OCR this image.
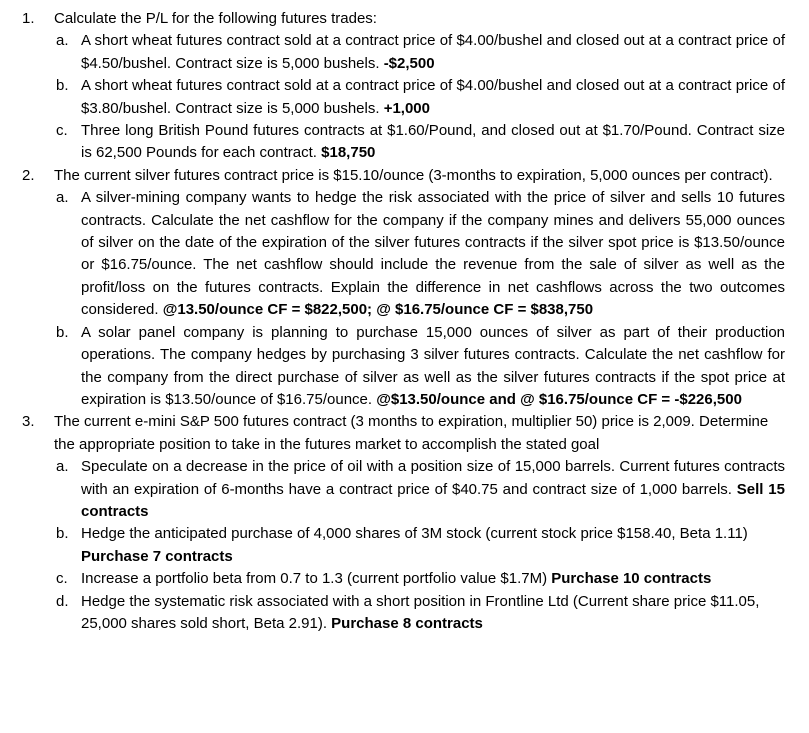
1.	Calculate the P/L for the following futures trades:
a. A short wheat futures contract sold at a contract price of $4.00/bushel and closed out at a contract price of $4.50/bushel. Contract size is 5,000 bushels. -$2,500
b. A short wheat futures contract sold at a contract price of $4.00/bushel and closed out at a contract price of $3.80/bushel. Contract size is 5,000 bushels. +1,000
c. Three long British Pound futures contracts at $1.60/Pound, and closed out at $1.70/Pound. Contract size is 62,500 Pounds for each contract. $18,750
2.	The current silver futures contract price is $15.10/ounce (3-months to expiration, 5,000 ounces per contract).
a. A silver-mining company wants to hedge the risk associated with the price of silver and sells 10 futures contracts. Calculate the net cashflow for the company if the company mines and delivers 55,000 ounces of silver on the date of the expiration of the silver futures contracts if the silver spot price is $13.50/ounce or $16.75/ounce. The net cashflow should include the revenue from the sale of silver as well as the profit/loss on the futures contracts. Explain the difference in net cashflows across the two outcomes considered. @13.50/ounce CF = $822,500; @ $16.75/ounce CF = $838,750
b. A solar panel company is planning to purchase 15,000 ounces of silver as part of their production operations. The company hedges by purchasing 3 silver futures contracts. Calculate the net cashflow for the company from the direct purchase of silver as well as the silver futures contracts if the spot price at expiration is $13.50/ounce of $16.75/ounce. @$13.50/ounce and @ $16.75/ounce CF = -$226,500
3.	The current e-mini S&P 500 futures contract (3 months to expiration, multiplier 50) price is 2,009. Determine the appropriate position to take in the futures market to accomplish the stated goal
a. Speculate on a decrease in the price of oil with a position size of 15,000 barrels. Current futures contracts with an expiration of 6-months have a contract price of $40.75 and contract size of 1,000 barrels. Sell 15 contracts
b. Hedge the anticipated purchase of 4,000 shares of 3M stock (current stock price $158.40, Beta 1.11) Purchase 7 contracts
c. Increase a portfolio beta from 0.7 to 1.3 (current portfolio value $1.7M) Purchase 10 contracts
d. Hedge the systematic risk associated with a short position in Frontline Ltd (Current share price $11.05, 25,000 shares sold short, Beta 2.91). Purchase 8 contracts
